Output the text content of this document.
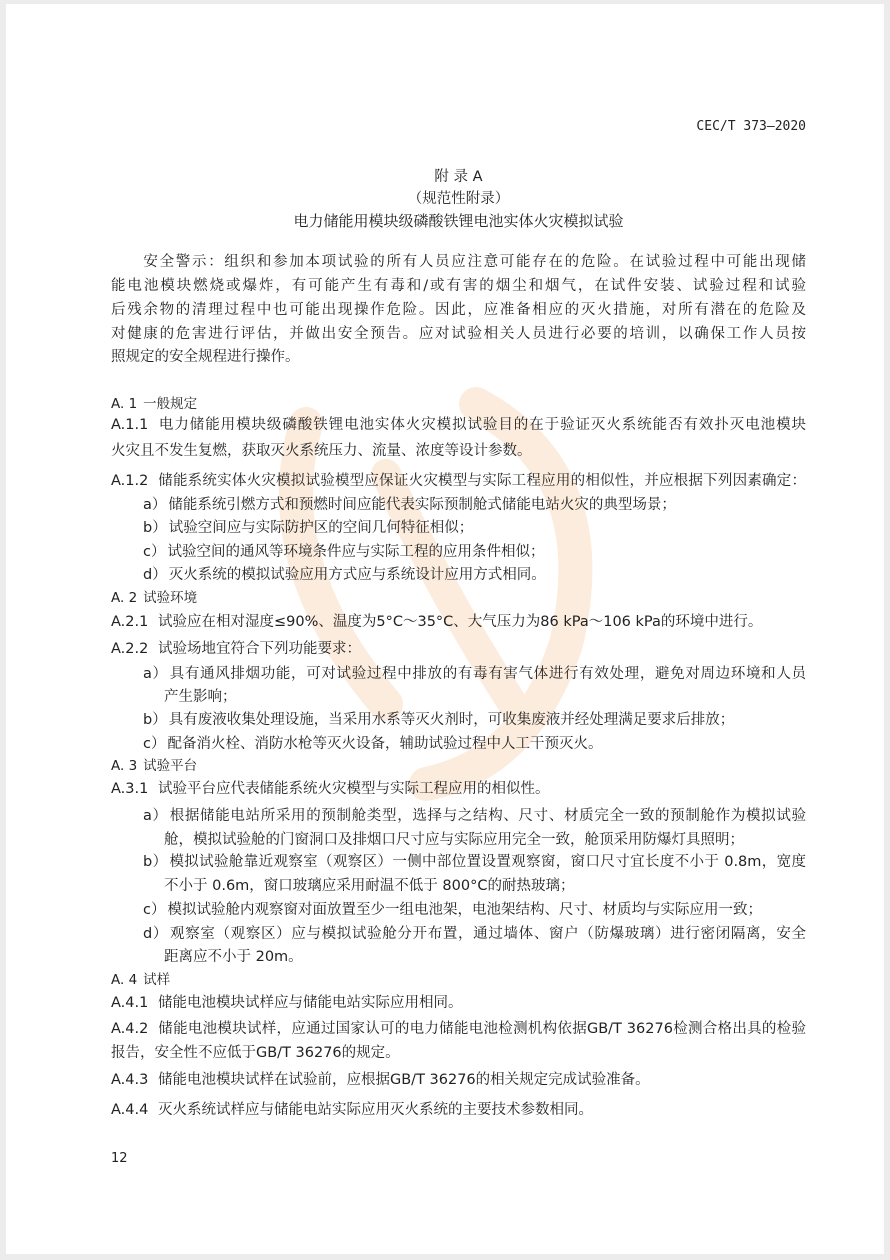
CEC/T 373—2020
附 录 A
（规范性附录）
电力储能用模块级磷酸铁锂电池实体火灾模拟试验
　　安全警示：组织和参加本项试验的所有人员应注意可能存在的危险。在试验过程中可能出现储
能电池模块燃烧或爆炸，有可能产生有毒和/或有害的烟尘和烟气，在试件安装、试验过程和试验
后残余物的清理过程中也可能出现操作危险。因此，应准备相应的灭火措施，对所有潜在的危险及
对健康的危害进行评估，并做出安全预告。应对试验相关人员进行必要的培训，以确保工作人员按
照规定的安全规程进行操作。
A. 1 一般规定
A.1.1 电力储能用模块级磷酸铁锂电池实体火灾模拟试验目的在于验证灭火系统能否有效扑灭电池模块
火灾且不发生复燃，获取灭火系统压力、流量、浓度等设计参数。
A.1.2 储能系统实体火灾模拟试验模型应保证火灾模型与实际工程应用的相似性，并应根据下列因素确定：
a） 储能系统引燃方式和预燃时间应能代表实际预制舱式储能电站火灾的典型场景；
b） 试验空间应与实际防护区的空间几何特征相似；
c） 试验空间的通风等环境条件应与实际工程的应用条件相似；
d） 灭火系统的模拟试验应用方式应与系统设计应用方式相同。
A. 2 试验环境
A.2.1 试验应在相对湿度≤90%、温度为5°C～35°C、大气压力为86 kPa～106 kPa的环境中进行。
A.2.2 试验场地宜符合下列功能要求：
a） 具有通风排烟功能，可对试验过程中排放的有毒有害气体进行有效处理，避免对周边环境和人员
产生影响；
b） 具有废液收集处理设施，当采用水系等灭火剂时，可收集废液并经处理满足要求后排放；
c） 配备消火栓、消防水枪等灭火设备，辅助试验过程中人工干预灭火。
A. 3 试验平台
A.3.1 试验平台应代表储能系统火灾模型与实际工程应用的相似性。
a） 根据储能电站所采用的预制舱类型，选择与之结构、尺寸、材质完全一致的预制舱作为模拟试验
舱，模拟试验舱的门窗洞口及排烟口尺寸应与实际应用完全一致，舱顶采用防爆灯具照明；
b） 模拟试验舱靠近观察室（观察区）一侧中部位置设置观察窗，窗口尺寸宜长度不小于 0.8m，宽度
不小于 0.6m，窗口玻璃应采用耐温不低于 800°C的耐热玻璃；
c） 模拟试验舱内观察窗对面放置至少一组电池架，电池架结构、尺寸、材质均与实际应用一致；
d） 观察室（观察区）应与模拟试验舱分开布置，通过墙体、窗户（防爆玻璃）进行密闭隔离，安全
距离应不小于 20m。
A. 4 试样
A.4.1 储能电池模块试样应与储能电站实际应用相同。
A.4.2 储能电池模块试样，应通过国家认可的电力储能电池检测机构依据GB/T 36276检测合格出具的检验
报告，安全性不应低于GB/T 36276的规定。
A.4.3 储能电池模块试样在试验前，应根据GB/T 36276的相关规定完成试验准备。
A.4.4 灭火系统试样应与储能电站实际应用灭火系统的主要技术参数相同。
12
